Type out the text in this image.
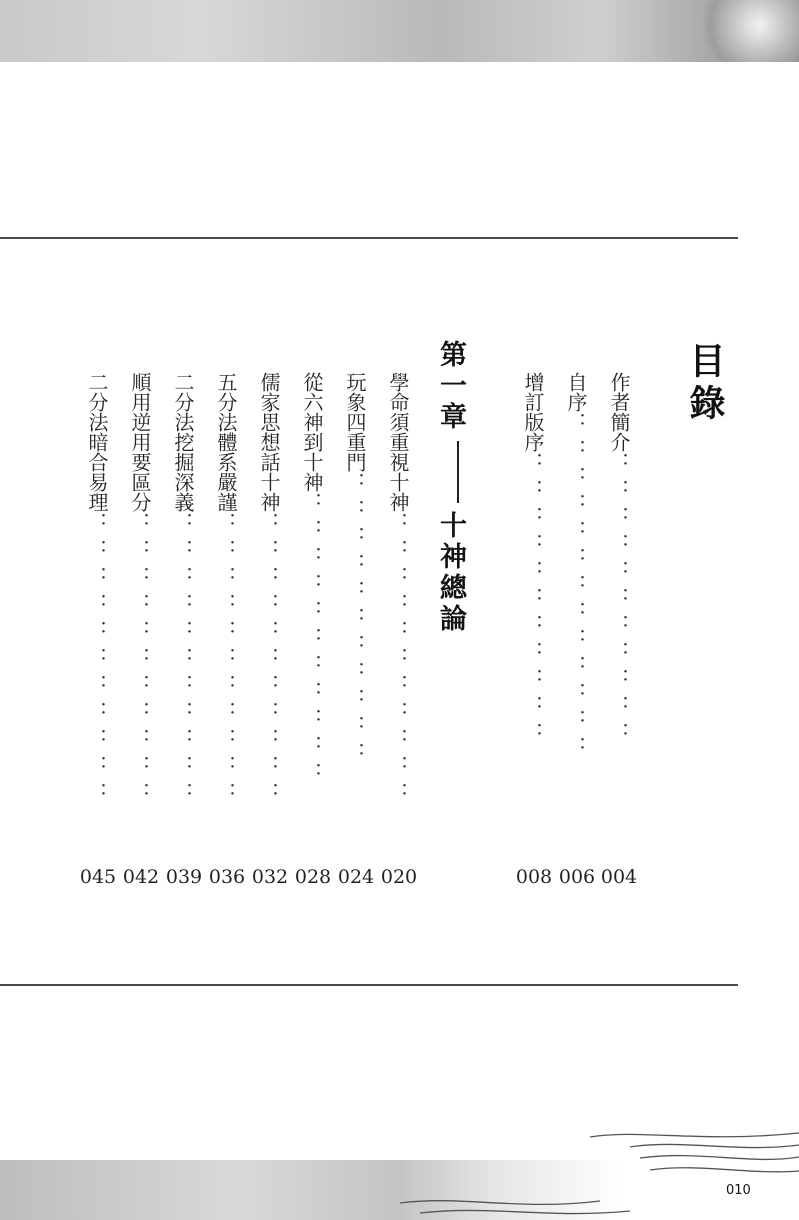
目錄
作者簡介：：：：：：：：：：：
自序：：：：：：：：：：：：：
增訂版序：：：：：：：：：：：
第一章十神總論
學命須重視十神：：：：：：：：：：：
玩象四重門：：：：：：：：：：：
從六神到十神：：：：：：：：：：：
儒家思想話十神：：：：：：：：：：：
五分法體系嚴謹：：：：：：：：：：：
二分法挖掘深義：：：：：：：：：：：
順用逆用要區分：：：：：：：：：：：
二分法暗合易理：：：：：：：：：：：
004
006
008
020
024
028
032
036
039
042
045
010
